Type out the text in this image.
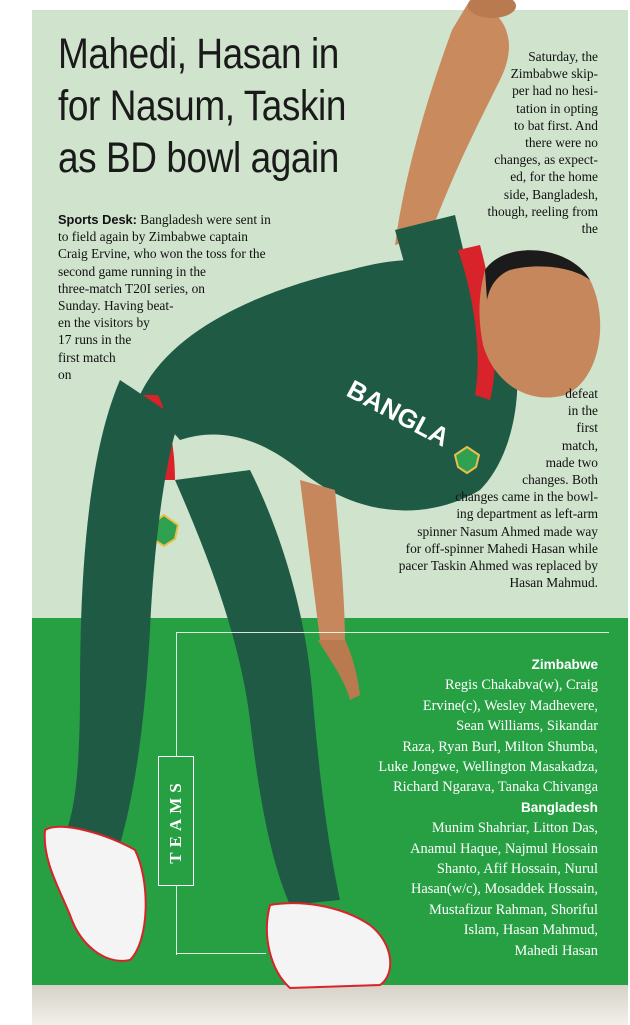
BANGLA
Mahedi, Hasan in
for Nasum, Taskin
as BD bowl again
Sports Desk: Bangladesh were sent in
to field again by Zimbabwe captain
Craig Ervine, who won the toss for the
second game running in the
three-match T20I series, on
Sunday. Having beat-
en the visitors by
17 runs in the
first match
on
Saturday, the
Zimbabwe skip-
per had no hesi-
tation in opting
to bat first. And
there were no
changes, as expect-
ed, for the home
side, Bangladesh,
though, reeling from
the
defeat
in the
first
match,
made two
changes. Both
changes came in the bowl-
ing department as left-arm
spinner Nasum Ahmed made way
for off-spinner Mahedi Hasan while
pacer Taskin Ahmed was replaced by
Hasan Mahmud.
TEAMS
Zimbabwe
Regis Chakabva(w), Craig
Ervine(c), Wesley Madhevere,
Sean Williams, Sikandar
Raza, Ryan Burl, Milton Shumba,
Luke Jongwe, Wellington Masakadza,
Richard Ngarava, Tanaka Chivanga
Bangladesh
Munim Shahriar, Litton Das,
Anamul Haque, Najmul Hossain
Shanto, Afif Hossain, Nurul
Hasan(w/c), Mosaddek Hossain,
Mustafizur Rahman, Shoriful
Islam, Hasan Mahmud,
Mahedi Hasan
